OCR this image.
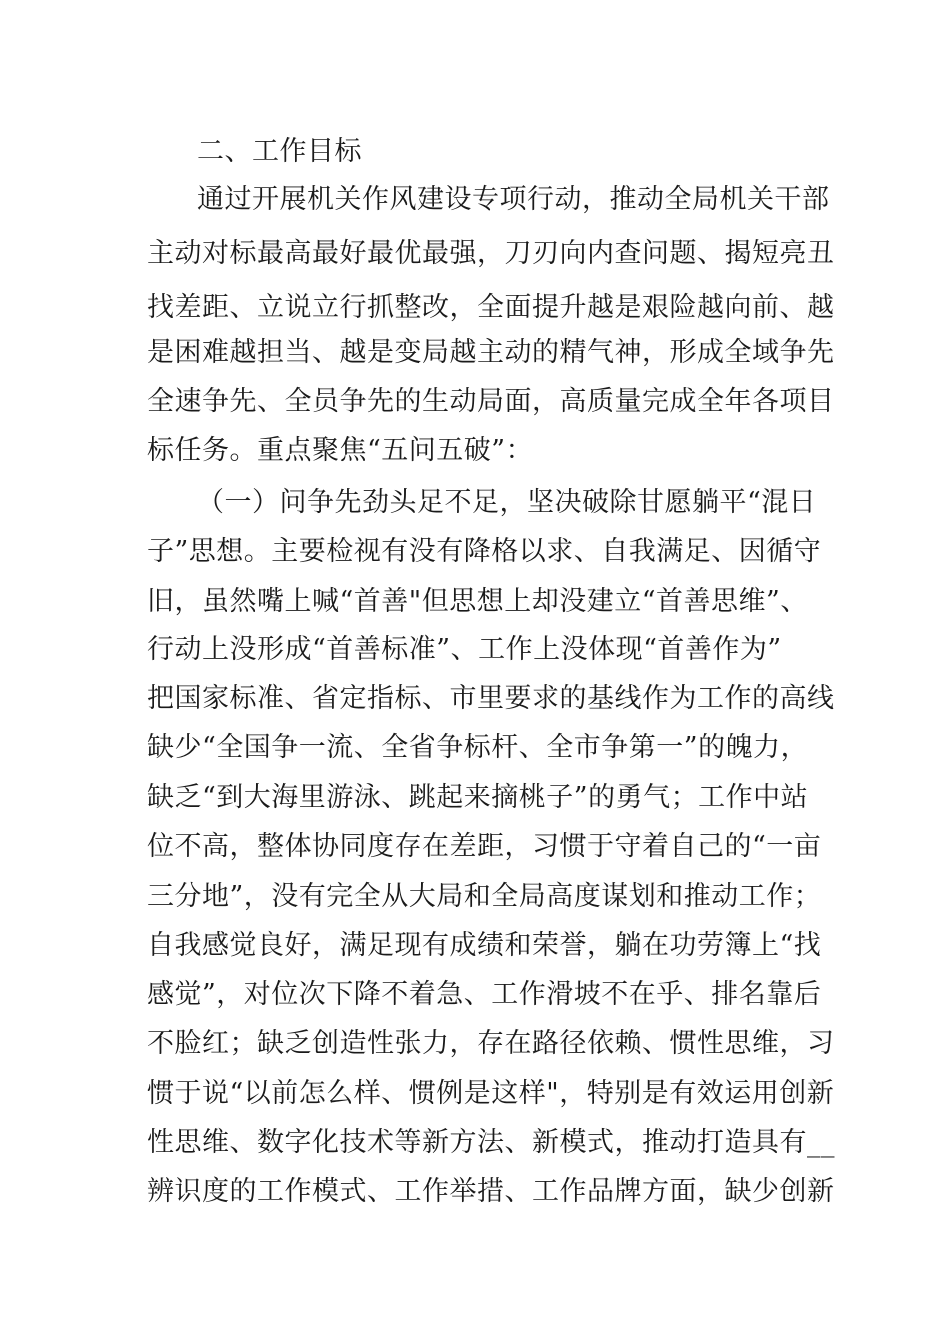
二、工作目标
通过开展机关作风建设专项行动，推动全局机关干部
主动对标最高最好最优最强，刀刃向内查问题、揭短亮丑
找差距、立说立行抓整改，全面提升越是艰险越向前、越
是困难越担当、越是变局越主动的精气神，形成全域争先
全速争先、全员争先的生动局面，高质量完成全年各项目
标任务。重点聚焦“五问五破”：
（一）问争先劲头足不足，坚决破除甘愿躺平“混日
子”思想。主要检视有没有降格以求、自我满足、因循守
旧，虽然嘴上喊“首善"但思想上却没建立“首善思维”、
行动上没形成“首善标准”、工作上没体现“首善作为”
把国家标准、省定指标、市里要求的基线作为工作的高线
缺少“全国争一流、全省争标杆、全市争第一”的魄力，
缺乏“到大海里游泳、跳起来摘桃子”的勇气；工作中站
位不高，整体协同度存在差距，习惯于守着自己的“一亩
三分地”，没有完全从大局和全局高度谋划和推动工作；
自我感觉良好，满足现有成绩和荣誉，躺在功劳簿上“找
感觉”，对位次下降不着急、工作滑坡不在乎、排名靠后
不脸红；缺乏创造性张力，存在路径依赖、惯性思维，习
惯于说“以前怎么样、惯例是这样"，特别是有效运用创新
性思维、数字化技术等新方法、新模式，推动打造具有__
辨识度的工作模式、工作举措、工作品牌方面，缺少创新
